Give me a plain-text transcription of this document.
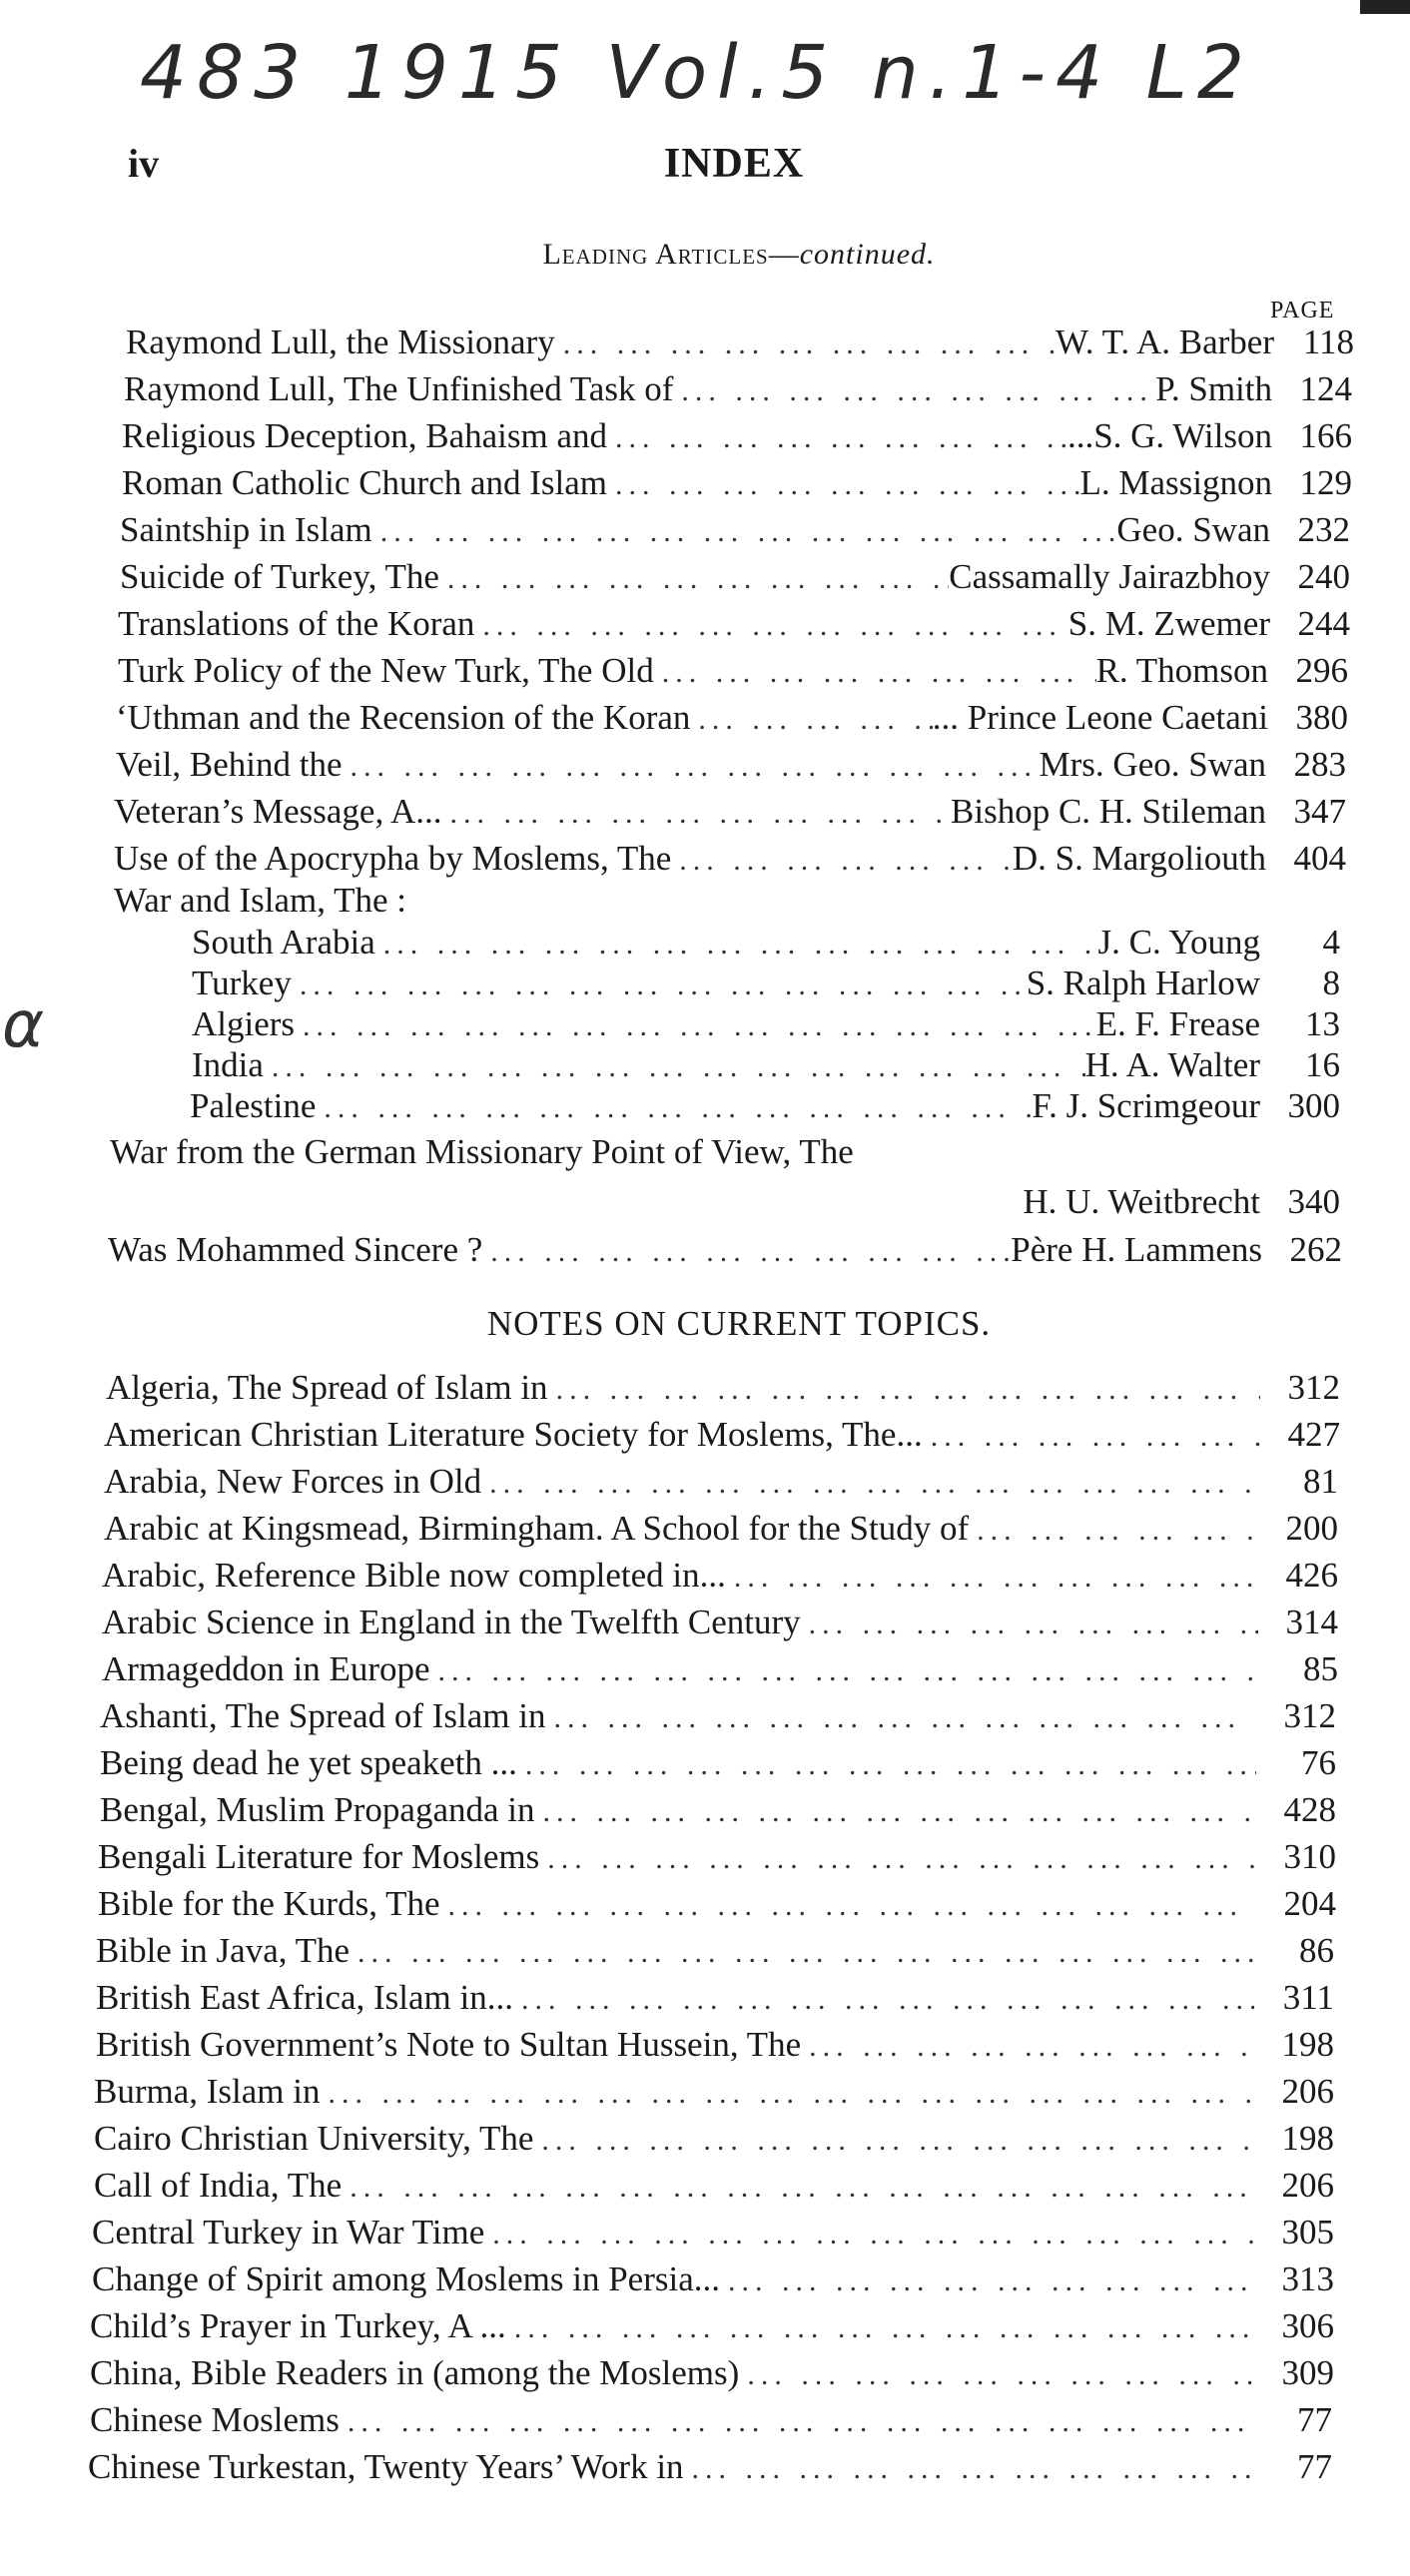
483 1915 Vol.5 n.1-4 L2
α
iv	INDEX
Leading Articles—continued.
PAGE
Raymond Lull, the Missionary ... .	W. T. A. Barber 118
Raymond Lull, The Unfinished Task of ... .	P. Smith 124
Religious Deception, Bahaism and ... .	...S. G. Wilson 166
Roman Catholic Church and Islam ... .	L. Massignon 129
Saintship in Islam ... .	Geo. Swan 232
Suicide of Turkey, The ... .	Cassamally Jairazbhoy 240
Translations of the Koran ... .	S. M. Zwemer 244
Turk Policy of the New Turk, The Old ... .	R. Thomson 296
‘Uthman and the Recension of the Koran ... .	... Prince Leone Caetani 380
Veil, Behind the ... .	Mrs. Geo. Swan 283
Veteran’s Message, A... ... .	Bishop C. H. Stileman 347
Use of the Apocrypha by Moslems, The ... .	D. S. Margoliouth 404
War and Islam, The :
South Arabia ... .	J. C. Young	4
Turkey ... .	S. Ralph Harlow	8
Algiers ... .	E. F. Frease	13
India ... .	H. A. Walter	16
Palestine ... .	F. J. Scrimgeour 300
War from the German Missionary Point of View, The
H. U. Weitbrecht 340
Was Mohammed Sincere ? ... .	Père H. Lammens 262
NOTES ON CURRENT TOPICS.
Algeria, The Spread of Islam in ... .	312
American Christian Literature Society for Moslems, The... ... .	427
Arabia, New Forces in Old ... .	81
Arabic at Kingsmead, Birmingham. A School for the Study of ... .	200
Arabic, Reference Bible now completed in... ... .	426
Arabic Science in England in the Twelfth Century ... .	314
Armageddon in Europe ... .	85
Ashanti, The Spread of Islam in ... .	312
Being dead he yet speaketh ... ... .	76
Bengal, Muslim Propaganda in ... .	428
Bengali Literature for Moslems ... .	310
Bible for the Kurds, The ... .	204
Bible in Java, The ... .	86
British East Africa, Islam in... ... .	311
British Government’s Note to Sultan Hussein, The ... .	198
Burma, Islam in ... .	206
Cairo Christian University, The ... .	198
Call of India, The ... .	206
Central Turkey in War Time ... .	305
Change of Spirit among Moslems in Persia... ... .	313
Child’s Prayer in Turkey, A ... ... .	306
China, Bible Readers in (among the Moslems) ... .	309
Chinese Moslems ... .	77
Chinese Turkestan, Twenty Years’ Work in ... .	77
